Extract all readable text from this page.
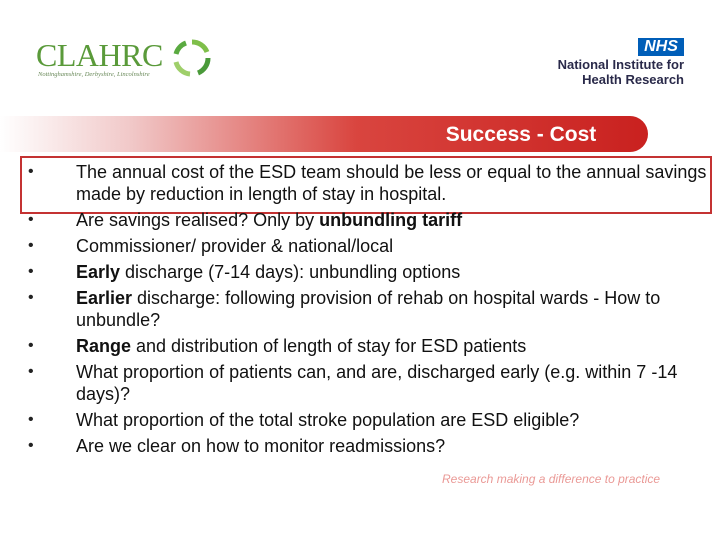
CLAHRC
Nottinghamshire, Derbyshire, Lincolnshire
NHS
National Institute for
Health Research
Success - Cost
• The annual cost of the ESD team should be less or equal to the annual savings made by reduction in length of stay in hospital.
• Are savings realised? Only by unbundling tariff
• Commissioner/ provider & national/local
• Early discharge (7-14 days): unbundling options
• Earlier discharge: following provision of rehab on hospital wards - How to unbundle?
• Range and distribution of length of stay for ESD patients
• What proportion of patients can, and are, discharged early (e.g. within 7 -14 days)?
• What proportion of the total stroke population are ESD eligible?
• Are we clear on how to monitor readmissions?
Research making a difference to practice
